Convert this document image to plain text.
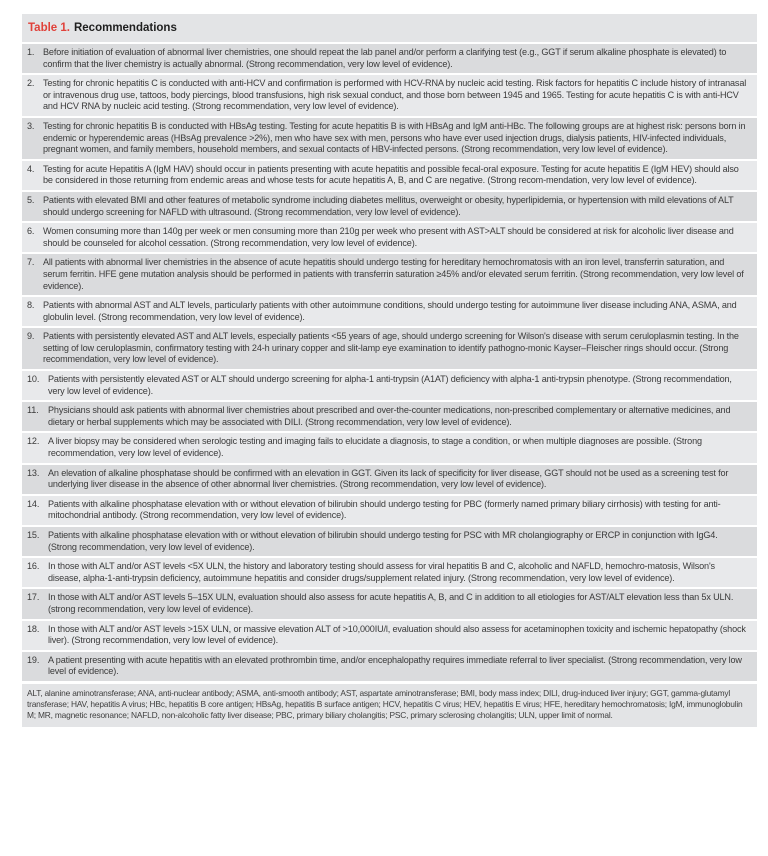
Table 1. Recommendations
1. Before initiation of evaluation of abnormal liver chemistries, one should repeat the lab panel and/or perform a clarifying test (e.g., GGT if serum alkaline phosphate is elevated) to confirm that the liver chemistry is actually abnormal. (Strong recommendation, very low level of evidence).
2. Testing for chronic hepatitis C is conducted with anti-HCV and confirmation is performed with HCV-RNA by nucleic acid testing. Risk factors for hepatitis C include history of intranasal or intravenous drug use, tattoos, body piercings, blood transfusions, high risk sexual conduct, and those born between 1945 and 1965. Testing for acute hepatitis C is with anti-HCV and HCV RNA by nucleic acid testing. (Strong recommendation, very low level of evidence).
3. Testing for chronic hepatitis B is conducted with HBsAg testing. Testing for acute hepatitis B is with HBsAg and IgM anti-HBc. The following groups are at highest risk: persons born in endemic or hyperendemic areas (HBsAg prevalence >2%), men who have sex with men, persons who have ever used injection drugs, dialysis patients, HIV-infected individuals, pregnant women, and family members, household members, and sexual contacts of HBV-infected persons. (Strong recommendation, very low level of evidence).
4. Testing for acute Hepatitis A (IgM HAV) should occur in patients presenting with acute hepatitis and possible fecal-oral exposure. Testing for acute hepatitis E (IgM HEV) should also be considered in those returning from endemic areas and whose tests for acute hepatitis A, B, and C are negative. (Strong recom-mendation, very low level of evidence).
5. Patients with elevated BMI and other features of metabolic syndrome including diabetes mellitus, overweight or obesity, hyperlipidemia, or hypertension with mild elevations of ALT should undergo screening for NAFLD with ultrasound. (Strong recommendation, very low level of evidence).
6. Women consuming more than 140g per week or men consuming more than 210g per week who present with AST>ALT should be considered at risk for alcoholic liver disease and should be counseled for alcohol cessation. (Strong recommendation, very low level of evidence).
7. All patients with abnormal liver chemistries in the absence of acute hepatitis should undergo testing for hereditary hemochromatosis with an iron level, transferrin saturation, and serum ferritin. HFE gene mutation analysis should be performed in patients with transferrin saturation ≥45% and/or elevated serum ferritin. (Strong recommendation, very low level of evidence).
8. Patients with abnormal AST and ALT levels, particularly patients with other autoimmune conditions, should undergo testing for autoimmune liver disease including ANA, ASMA, and globulin level. (Strong recommendation, very low level of evidence).
9. Patients with persistently elevated AST and ALT levels, especially patients <55 years of age, should undergo screening for Wilson's disease with serum ceruloplasmin testing. In the setting of low ceruloplasmin, confirmatory testing with 24-h urinary copper and slit-lamp eye examination to identify pathogno-monic Kayser–Fleischer rings should occur. (Strong recommendation, very low level of evidence).
10. Patients with persistently elevated AST or ALT should undergo screening for alpha-1 anti-trypsin (A1AT) deficiency with alpha-1 anti-trypsin phenotype. (Strong recommendation, very low level of evidence).
11.	Physicians should ask patients with abnormal liver chemistries about prescribed and over-the-counter medications, non-prescribed complementary or alternative medicines, and dietary or herbal supplements which may be associated with DILI. (Strong recommendation, very low level of evidence).
12. A liver biopsy may be considered when serologic testing and imaging fails to elucidate a diagnosis, to stage a condition, or when multiple diagnoses are possible. (Strong recommendation, very low level of evidence).
13. An elevation of alkaline phosphatase should be confirmed with an elevation in GGT. Given its lack of specificity for liver disease, GGT should not be used as a screening test for underlying liver disease in the absence of other abnormal liver chemistries. (Strong recommendation, very low level of evidence).
14. Patients with alkaline phosphatase elevation with or without elevation of bilirubin should undergo testing for PBC (formerly named primary biliary cirrhosis) with testing for anti-mitochondrial antibody. (Strong recommendation, very low level of evidence).
15. Patients with alkaline phosphatase elevation with or without elevation of bilirubin should undergo testing for PSC with MR cholangiography or ERCP in conjunction with IgG4. (Strong recommendation, very low level of evidence).
16. In those with ALT and/or AST levels <5X ULN, the history and laboratory testing should assess for viral hepatitis B and C, alcoholic and NAFLD, hemochro-matosis, Wilson's disease, alpha-1-anti-trypsin deficiency, autoimmune hepatitis and consider drugs/supplement related injury. (Strong recommendation, very low level of evidence).
17. In those with ALT and/or AST levels 5–15X ULN, evaluation should also assess for acute hepatitis A, B, and C in addition to all etiologies for AST/ALT elevation less than 5x ULN. (strong recommendation, very low level of evidence).
18. In those with ALT and/or AST levels >15X ULN, or massive elevation ALT of >10,000IU/l, evaluation should also assess for acetaminophen toxicity and ischemic hepatopathy (shock liver). (Strong recommendation, very low level of evidence).
19. A patient presenting with acute hepatitis with an elevated prothrombin time, and/or encephalopathy requires immediate referral to liver specialist. (Strong recommendation, very low level of evidence).
ALT, alanine aminotransferase; ANA, anti-nuclear antibody; ASMA, anti-smooth antibody; AST, aspartate aminotransferase; BMI, body mass index; DILI, drug-induced liver injury; GGT, gamma-glutamyl transferase; HAV, hepatitis A virus; HBc, hepatitis B core antigen; HBsAg, hepatitis B surface antigen; HCV, hepatitis C virus; HEV, hepatitis E virus; HFE, hereditary hemochromatosis; IgM, immunoglobulin M; MR, magnetic resonance; NAFLD, non-alcoholic fatty liver disease; PBC, primary biliary cholangitis; PSC, primary sclerosing cholangitis; ULN, upper limit of normal.
